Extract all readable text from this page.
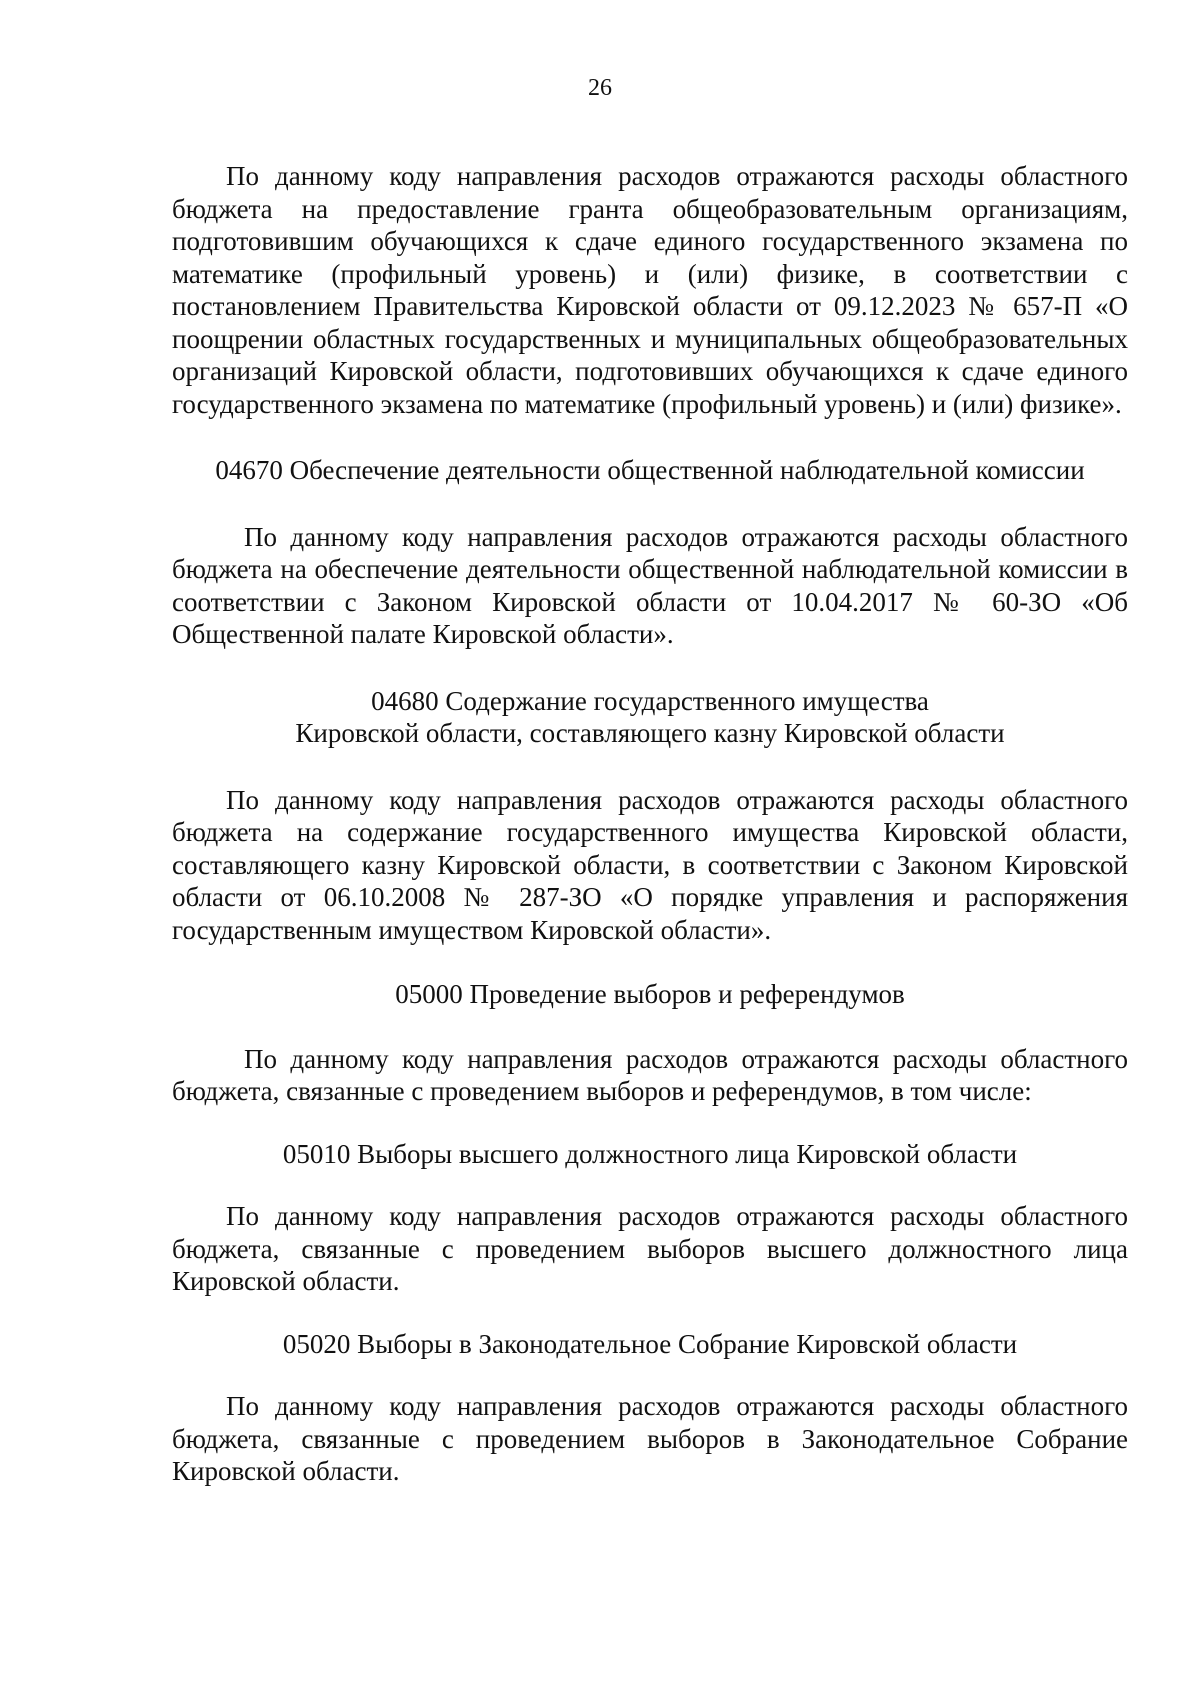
26

По данному коду направления расходов отражаются расходы областного бюджета на предоставление гранта общеобразовательным организациям, подготовившим обучающихся к сдаче единого государственного экзамена по математике (профильный уровень) и (или) физике, в соответствии с постановлением Правительства Кировской области от 09.12.2023 № 657-П «О поощрении областных государственных и муниципальных общеобразовательных организаций Кировской области, подготовивших обучающихся к сдаче единого государственного экзамена по математике (профильный уровень) и (или) физике».

04670 Обеспечение деятельности общественной наблюдательной комиссии

По данному коду направления расходов отражаются расходы областного бюджета на обеспечение деятельности общественной наблюдательной комиссии в соответствии с Законом Кировской области от 10.04.2017 № 60-ЗО «Об Общественной палате Кировской области».

04680 Содержание государственного имущества

Кировской области, составляющего казну Кировской области

По данному коду направления расходов отражаются расходы областного бюджета на содержание государственного имущества Кировской области, составляющего казну Кировской области, в соответствии с Законом Кировской области от 06.10.2008 № 287-ЗО «О порядке управления и распоряжения государственным имуществом Кировской области».

05000 Проведение выборов и референдумов

По данному коду направления расходов отражаются расходы областного бюджета, связанные с проведением выборов и референдумов, в том числе:

05010 Выборы высшего должностного лица Кировской области

По данному коду направления расходов отражаются расходы областного бюджета, связанные с проведением выборов высшего должностного лица Кировской области.

05020 Выборы в Законодательное Собрание Кировской области

По данному коду направления расходов отражаются расходы областного бюджета, связанные с проведением выборов в Законодательное Собрание Кировской области.
